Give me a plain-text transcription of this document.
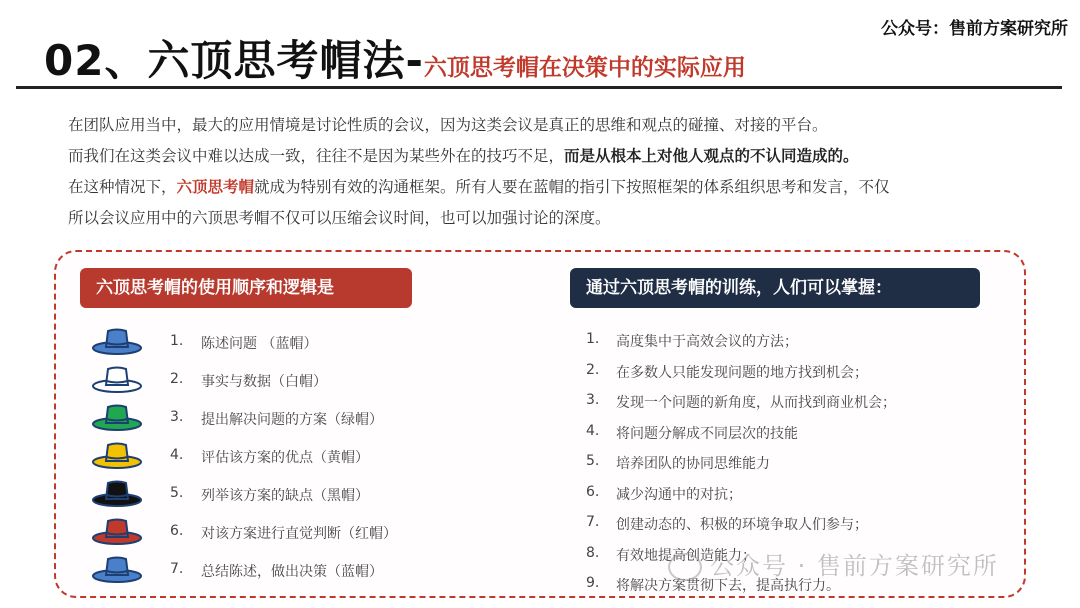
公众号：售前方案研究所
02、六顶思考帽法-六顶思考帽在决策中的实际应用

在团队应用当中，最大的应用情境是讨论性质的会议，因为这类会议是真正的思维和观点的碰撞、对接的平台。

而我们在这类会议中难以达成一致，往往不是因为某些外在的技巧不足，而是从根本上对他人观点的不认同造成的。

在这种情况下，六顶思考帽就成为特别有效的沟通框架。所有人要在蓝帽的指引下按照框架的体系组织思考和发言，不仅

所以会议应用中的六顶思考帽不仅可以压缩会议时间，也可以加强讨论的深度。

六顶思考帽的使用顺序和逻辑是	通过六顶思考帽的训练，人们可以掌握：
1. 陈述问题 （蓝帽）
2. 事实与数据（白帽）
3. 提出解决问题的方案（绿帽）
4. 评估该方案的优点（黄帽）
5. 列举该方案的缺点（黑帽）
6. 对该方案进行直觉判断（红帽）
7. 总结陈述，做出决策（蓝帽）
1. 高度集中于高效会议的方法；
2. 在多数人只能发现问题的地方找到机会；
3. 发现一个问题的新角度，从而找到商业机会；
4. 将问题分解成不同层次的技能
5. 培养团队的协同思维能力
6. 减少沟通中的对抗；
7. 创建动态的、积极的环境争取人们参与；
8. 有效地提高创造能力；
9. 将解决方案贯彻下去，提高执行力。
公众号 · 售前方案研究所
